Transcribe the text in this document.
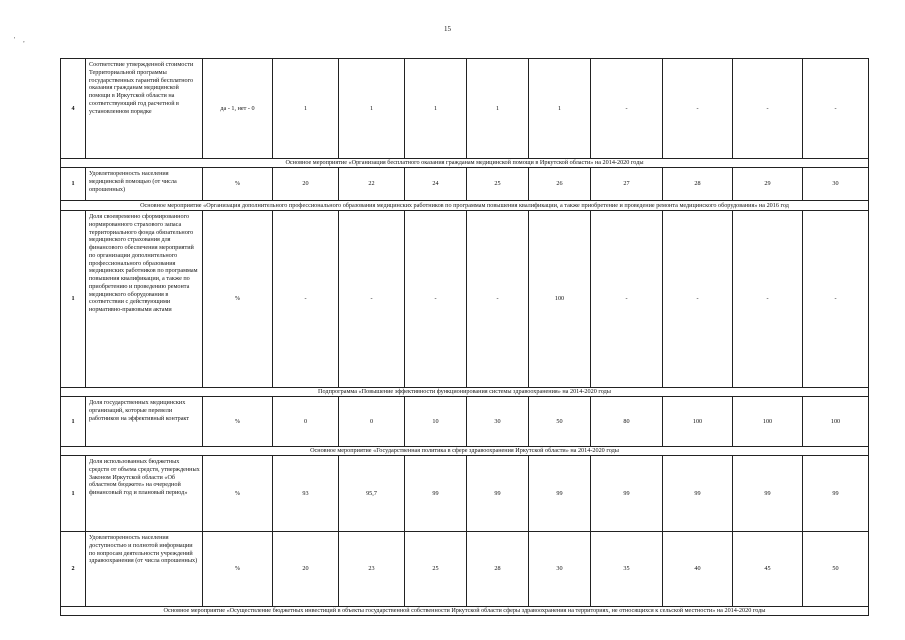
15
' ,
4	Соответствие утвержденной стоимости Территориальной программы государственных гарантий бесплатного оказания гражданам медицинской помощи в Иркутской области на соответствующий год расчетной в установленном порядке	да - 1, нет - 0	1	1	1	1	1	-	-	-	-
Основное мероприятие «Организация бесплатного оказания гражданам медицинской помощи в Иркутской области» на 2014-2020 годы											
1	Удовлетворенность населения медицинской помощью (от числа опрошенных)	%	20	22	24	25	26	27	28	29	30
Основное мероприятие «Организация дополнительного профессионального образования медицинских работников по программам повышения квалификации, а также приобретение и проведение ремонта медицинского оборудования» на 2016 год											
1	Доля своевременно сформированного нормированного страхового запаса территориального фонда обязательного медицинского страхования для финансового обеспечения мероприятий по организации дополнительного профессионального образования медицинских работников по программам повышения квалификации, а также по приобретению и проведению ремонта медицинского оборудования в соответствии с действующими нормативно-правовыми актами	%	-	-	-	-	100	-	-	-	-
Подпрограмма «Повышение эффективности функционирования системы здравоохранения» на 2014-2020 годы											
1	Доля государственных медицинских организаций, которые перевели работников на эффективный контракт	%	0	0	10	30	50	80	100	100	100
Основное мероприятие «Государственная политика в сфере здравоохранения Иркутской области» на 2014-2020 годы											
1	Доля использованных бюджетных средств от объема средств, утвержденных Законом Иркутской области «Об областном бюджете» на очередной финансовый год и плановый период»	%	93	95,7	99	99	99	99	99	99	99
2	Удовлетворенность населения доступностью и полнотой информации по вопросам деятельности учреждений здравоохранения (от числа опрошенных)	%	20	23	25	28	30	35	40	45	50
Основное мероприятие «Осуществление бюджетных инвестиций в объекты государственной собственности Иркутской области сферы здравоохранения на территориях, не относящихся к сельской местности» на 2014-2020 годы											
